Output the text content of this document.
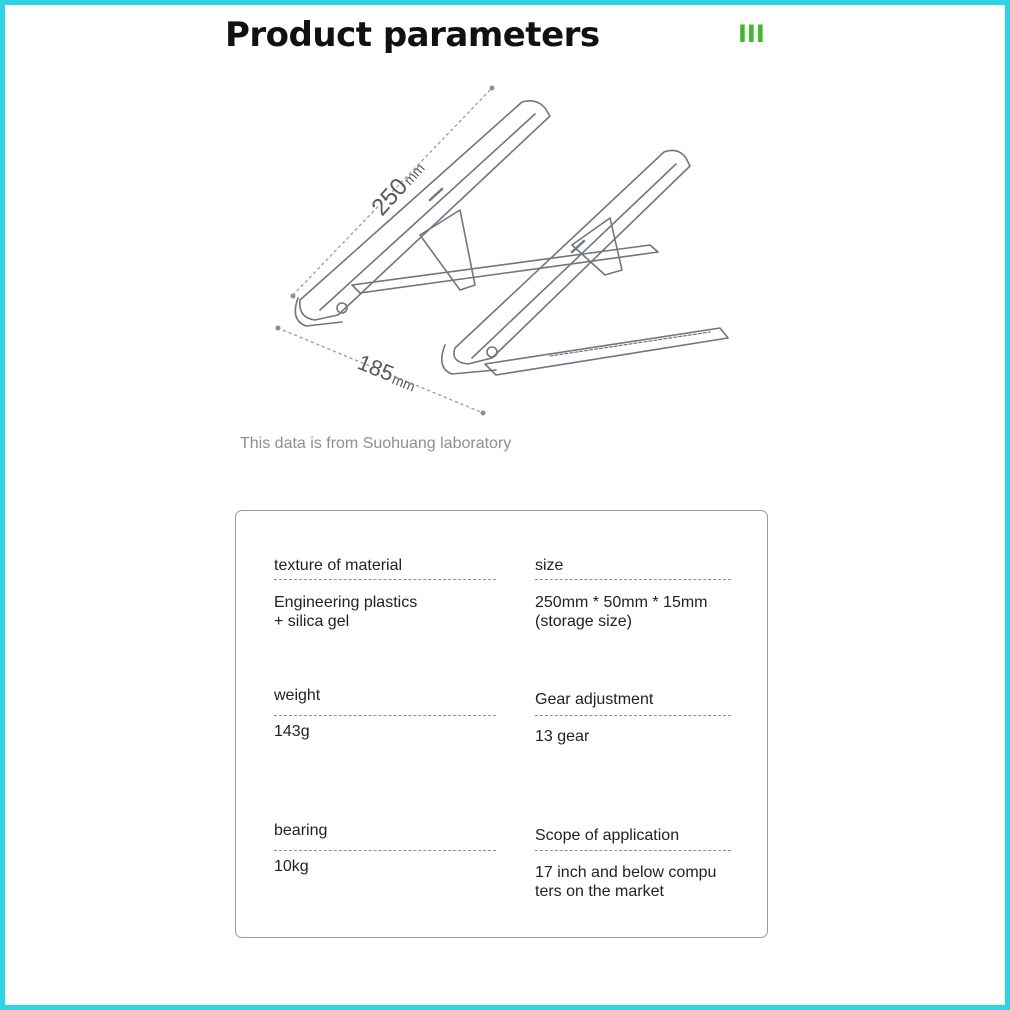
Product parameters	III
250
mm
185
mm
This data is from Suohuang laboratory
texture of material
Engineering plastics
+ silica gel
size
250mm * 50mm * 15mm
(storage size)
weight
143g
Gear adjustment
13 gear
bearing
10kg
Scope of application
17 inch and below compu
ters on the market
